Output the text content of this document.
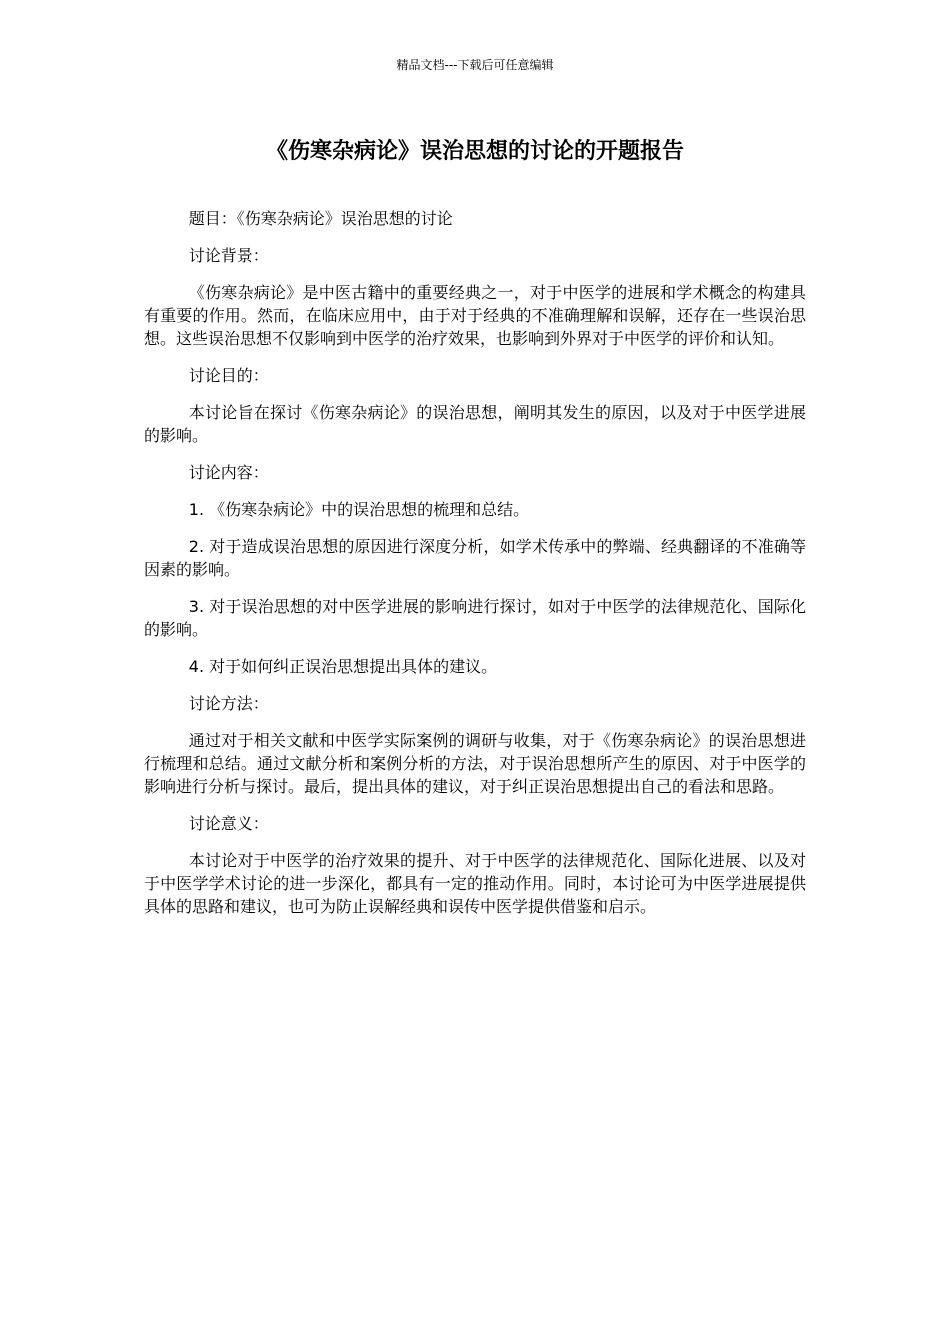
精品文档---下载后可任意编辑
《伤寒杂病论》误治思想的讨论的开题报告

题目：《伤寒杂病论》误治思想的讨论

讨论背景：

《伤寒杂病论》是中医古籍中的重要经典之一，对于中医学的进展和学术概念的构建具有重要的作用。然而，在临床应用中，由于对于经典的不准确理解和误解，还存在一些误治思想。这些误治思想不仅影响到中医学的治疗效果，也影响到外界对于中医学的评价和认知。

讨论目的：

本讨论旨在探讨《伤寒杂病论》的误治思想，阐明其发生的原因，以及对于中医学进展的影响。

讨论内容：

1. 《伤寒杂病论》中的误治思想的梳理和总结。

2. 对于造成误治思想的原因进行深度分析，如学术传承中的弊端、经典翻译的不准确等因素的影响。

3. 对于误治思想的对中医学进展的影响进行探讨，如对于中医学的法律规范化、国际化的影响。

4. 对于如何纠正误治思想提出具体的建议。

讨论方法：

通过对于相关文献和中医学实际案例的调研与收集，对于《伤寒杂病论》的误治思想进行梳理和总结。通过文献分析和案例分析的方法，对于误治思想所产生的原因、对于中医学的影响进行分析与探讨。最后，提出具体的建议，对于纠正误治思想提出自己的看法和思路。

讨论意义：

本讨论对于中医学的治疗效果的提升、对于中医学的法律规范化、国际化进展、以及对于中医学学术讨论的进一步深化，都具有一定的推动作用。同时，本讨论可为中医学进展提供具体的思路和建议，也可为防止误解经典和误传中医学提供借鉴和启示。
